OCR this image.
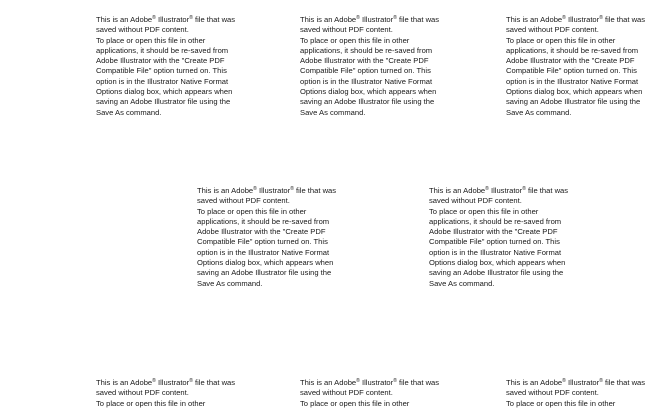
This is an Adobe® Illustrator® file that was
saved without PDF content.
To place or open this file in other
applications, it should be re-saved from
Adobe Illustrator with the "Create PDF
Compatible File" option turned on. This
option is in the Illustrator Native Format
Options dialog box, which appears when
saving an Adobe Illustrator file using the
Save As command.
This is an Adobe® Illustrator® file that was
saved without PDF content.
To place or open this file in other
applications, it should be re-saved from
Adobe Illustrator with the "Create PDF
Compatible File" option turned on. This
option is in the Illustrator Native Format
Options dialog box, which appears when
saving an Adobe Illustrator file using the
Save As command.
This is an Adobe® Illustrator® file that was
saved without PDF content.
To place or open this file in other
applications, it should be re-saved from
Adobe Illustrator with the "Create PDF
Compatible File" option turned on. This
option is in the Illustrator Native Format
Options dialog box, which appears when
saving an Adobe Illustrator file using the
Save As command.
This is an Adobe® Illustrator® file that was
saved without PDF content.
To place or open this file in other
applications, it should be re-saved from
Adobe Illustrator with the "Create PDF
Compatible File" option turned on. This
option is in the Illustrator Native Format
Options dialog box, which appears when
saving an Adobe Illustrator file using the
Save As command.
This is an Adobe® Illustrator® file that was
saved without PDF content.
To place or open this file in other
applications, it should be re-saved from
Adobe Illustrator with the "Create PDF
Compatible File" option turned on. This
option is in the Illustrator Native Format
Options dialog box, which appears when
saving an Adobe Illustrator file using the
Save As command.
This is an Adobe® Illustrator® file that was
saved without PDF content.
To place or open this file in other
This is an Adobe® Illustrator® file that was
saved without PDF content.
To place or open this file in other
This is an Adobe® Illustrator® file that was
saved without PDF content.
To place or open this file in other
